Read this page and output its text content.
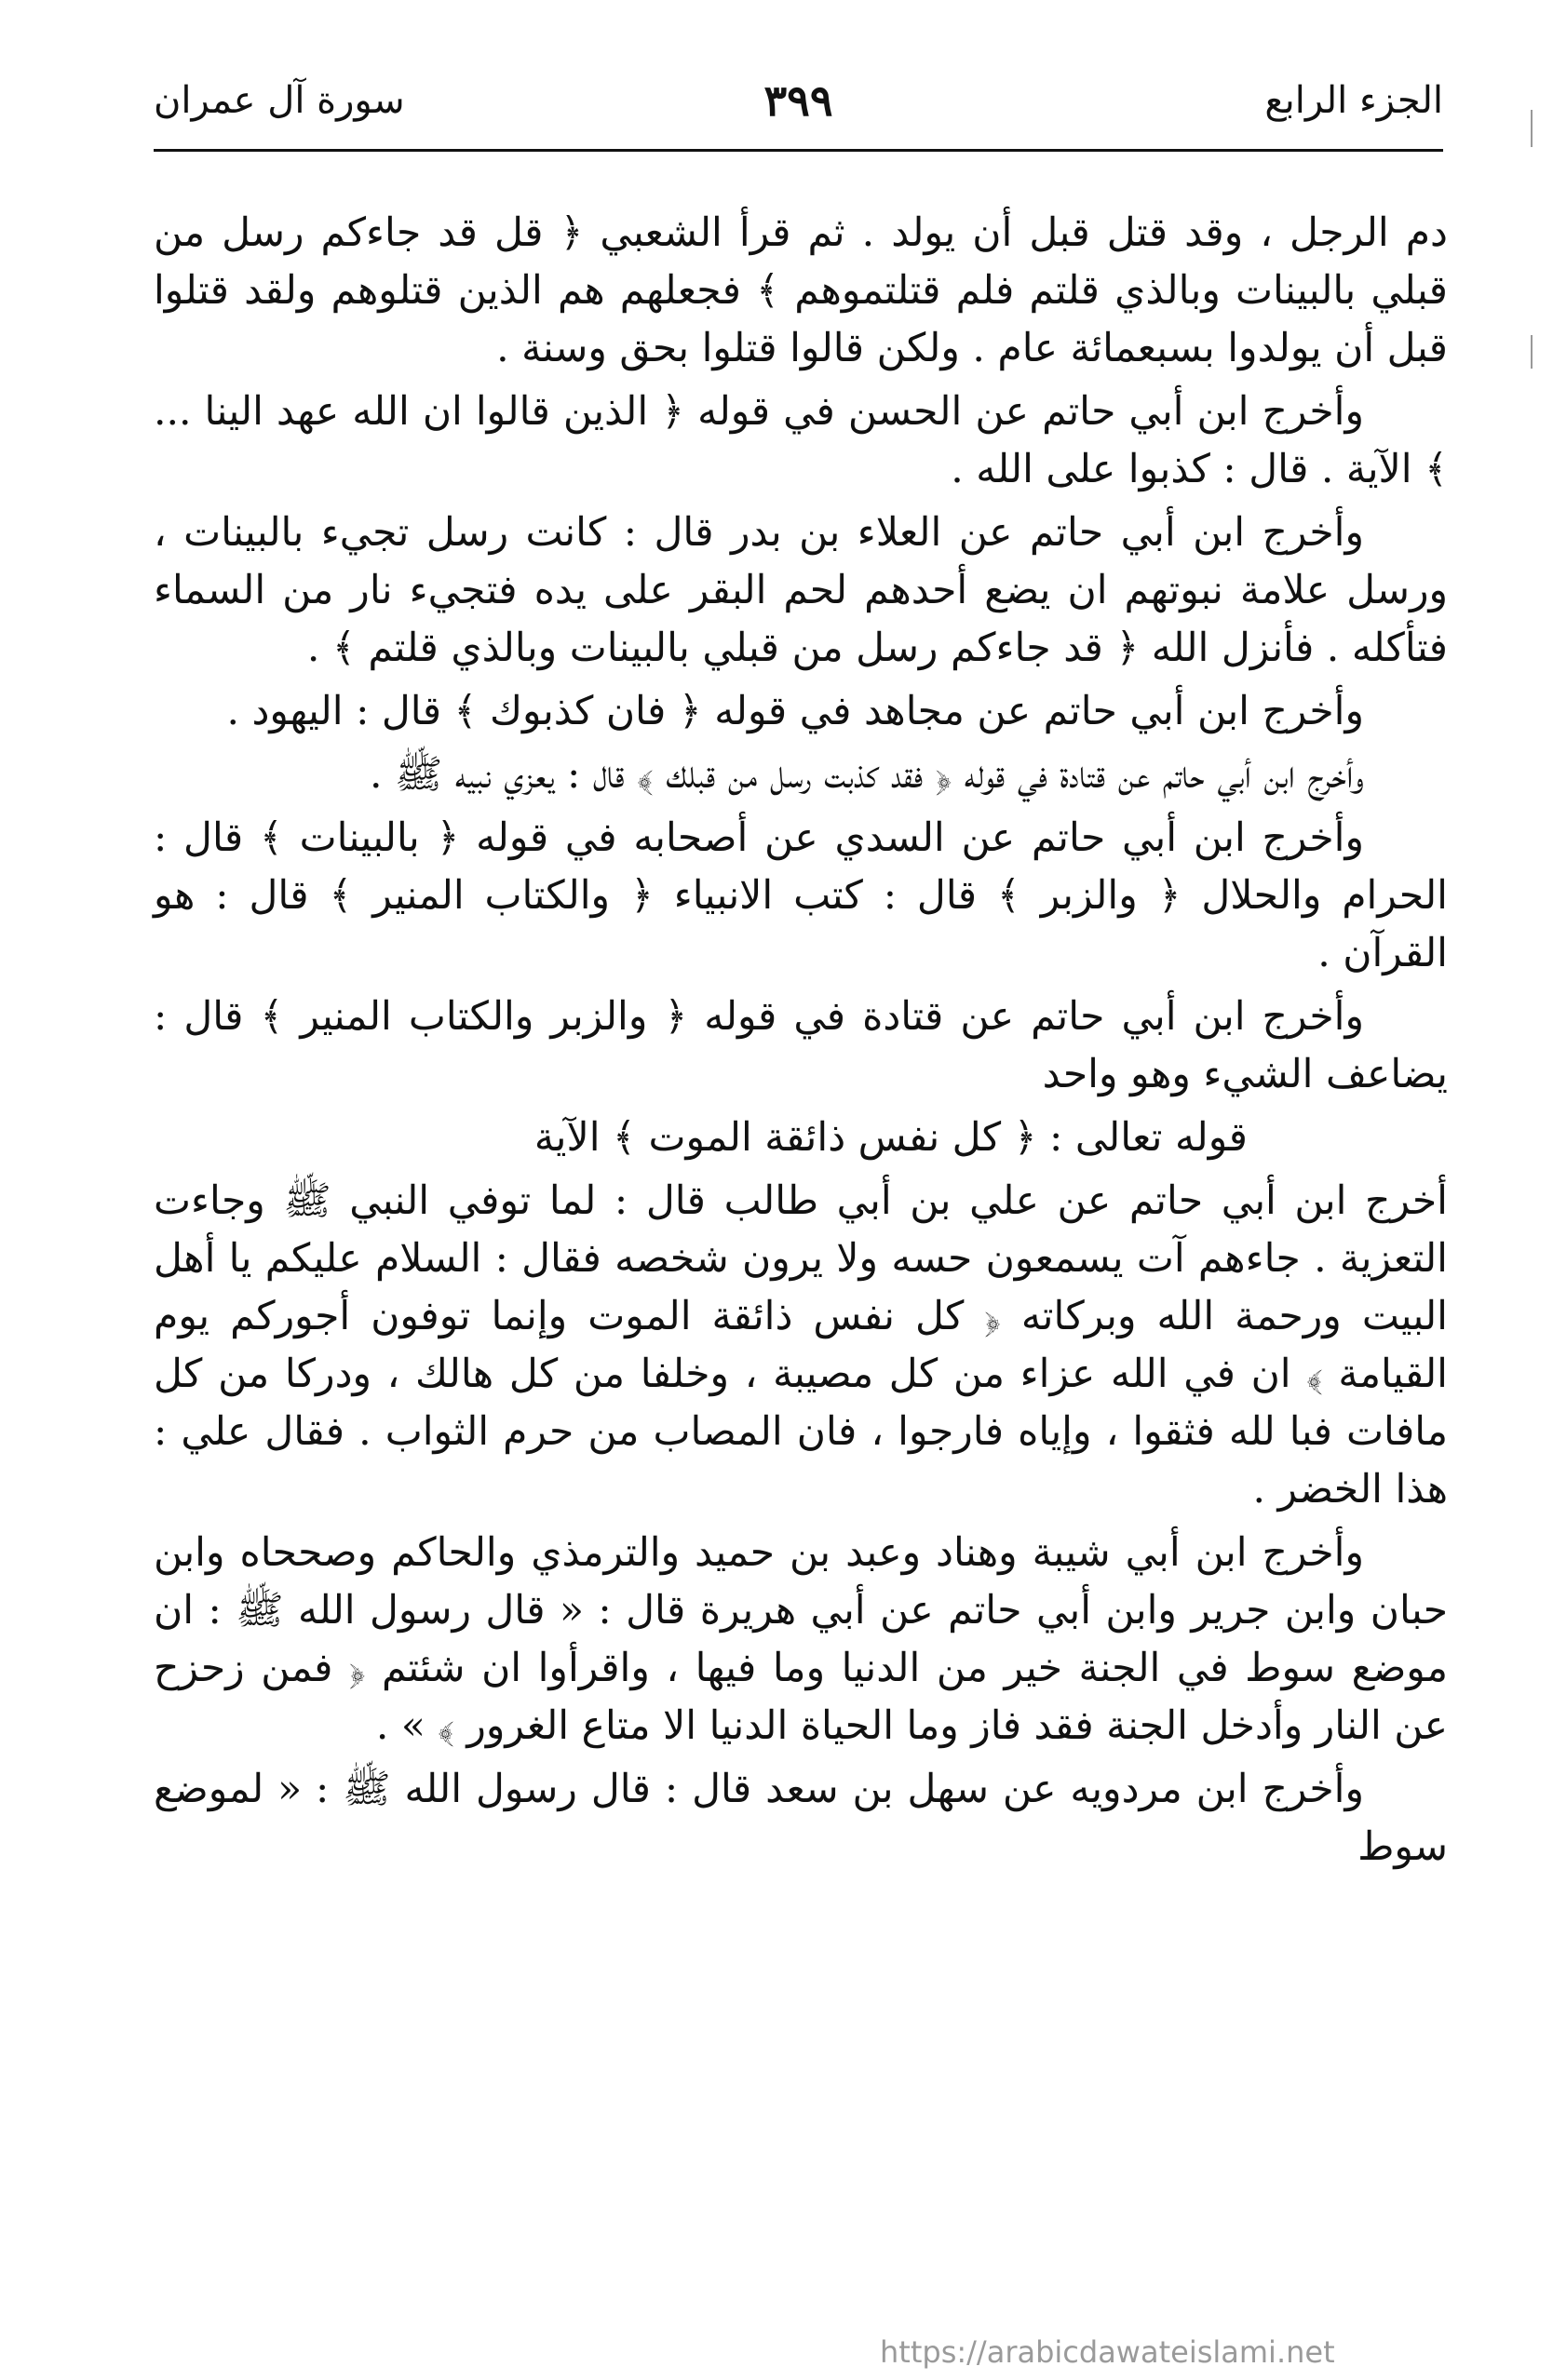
الجزء الرابع
٣٩٩
سورة آل عمران

دم الرجل ، وقد قتل قبل أن يولد . ثم قرأ الشعبي ﴿ قل قد جاءكم رسل من قبلي بالبينات وبالذي قلتم فلم قتلتموهم ﴾ فجعلهم هم الذين قتلوهم ولقد قتلوا قبل أن يولدوا بسبعمائة عام . ولكن قالوا قتلوا بحق وسنة .

وأخرج ابن أبي حاتم عن الحسن في قوله ﴿ الذين قالوا ان الله عهد الينا ... ﴾ الآية . قال : كذبوا على الله .

وأخرج ابن أبي حاتم عن العلاء بن بدر قال : كانت رسل تجيء بالبينات ، ورسل علامة نبوتهم ان يضع أحدهم لحم البقر على يده فتجيء نار من السماء فتأكله . فأنزل الله ﴿ قد جاءكم رسل من قبلي بالبينات وبالذي قلتم ﴾ .

وأخرج ابن أبي حاتم عن مجاهد في قوله ﴿ فان كذبوك ﴾ قال : اليهود .

وأخرج ابن أبي حاتم عن قتادة في قوله ﴿ فقد كذبت رسل من قبلك ﴾ قال : يعزي نبيه ﷺ .

وأخرج ابن أبي حاتم عن السدي عن أصحابه في قوله ﴿ بالبينات ﴾ قال : الحرام والحلال ﴿ والزبر ﴾ قال : كتب الانبياء ﴿ والكتاب المنير ﴾ قال : هو القرآن .

وأخرج ابن أبي حاتم عن قتادة في قوله ﴿ والزبر والكتاب المنير ﴾ قال : يضاعف الشيء وهو واحد

قوله تعالى : ﴿ كل نفس ذائقة الموت ﴾ الآية

أخرج ابن أبي حاتم عن علي بن أبي طالب قال : لما توفي النبي ﷺ وجاءت التعزية . جاءهم آت يسمعون حسه ولا يرون شخصه فقال : السلام عليكم يا أهل البيت ورحمة الله وبركاته ﴿ كل نفس ذائقة الموت وإنما توفون أجوركم يوم القيامة ﴾ ان في الله عزاء من كل مصيبة ، وخلفا من كل هالك ، ودركا من كل مافات فبا لله فثقوا ، وإياه فارجوا ، فان المصاب من حرم الثواب . فقال علي : هذا الخضر .

وأخرج ابن أبي شيبة وهناد وعبد بن حميد والترمذي والحاكم وصححاه وابن حبان وابن جرير وابن أبي حاتم عن أبي هريرة قال : « قال رسول الله ﷺ : ان موضع سوط في الجنة خير من الدنيا وما فيها ، واقرأوا ان شئتم ﴿ فمن زحزح عن النار وأدخل الجنة فقد فاز وما الحياة الدنيا الا متاع الغرور ﴾ » .

وأخرج ابن مردويه عن سهل بن سعد قال : قال رسول الله ﷺ : « لموضع سوط

https://arabicdawateislami.net
